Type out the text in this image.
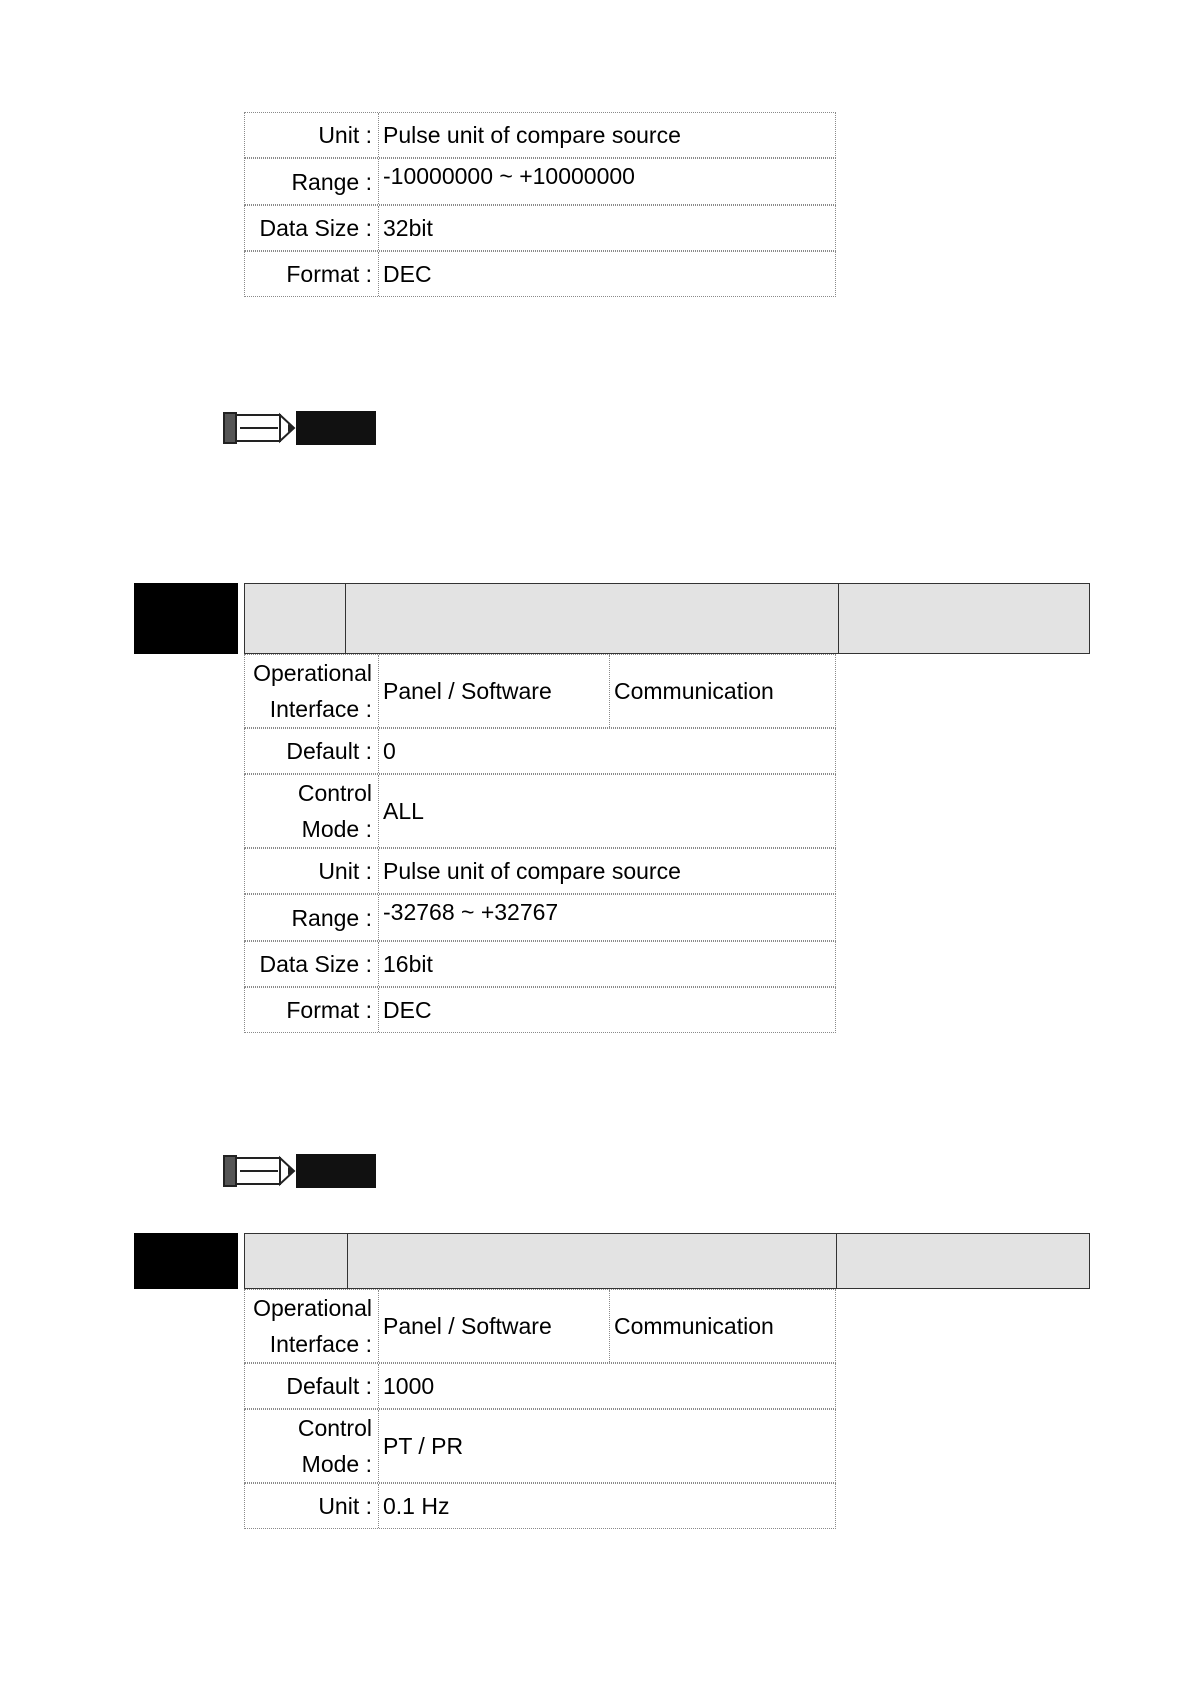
Unit : Pulse unit of compare source
Range : -10000000 ~ +10000000
Data Size : 32bit
Format : DEC
Operational
Interface :
Panel / Software	Communication
Default : 0
Control
Mode :
ALL
Unit : Pulse unit of compare source
Range : -32768 ~ +32767
Data Size : 16bit
Format : DEC
Operational
Interface :
Panel / Software	Communication
Default : 1000
Control
Mode :
PT / PR
Unit : 0.1 Hz
